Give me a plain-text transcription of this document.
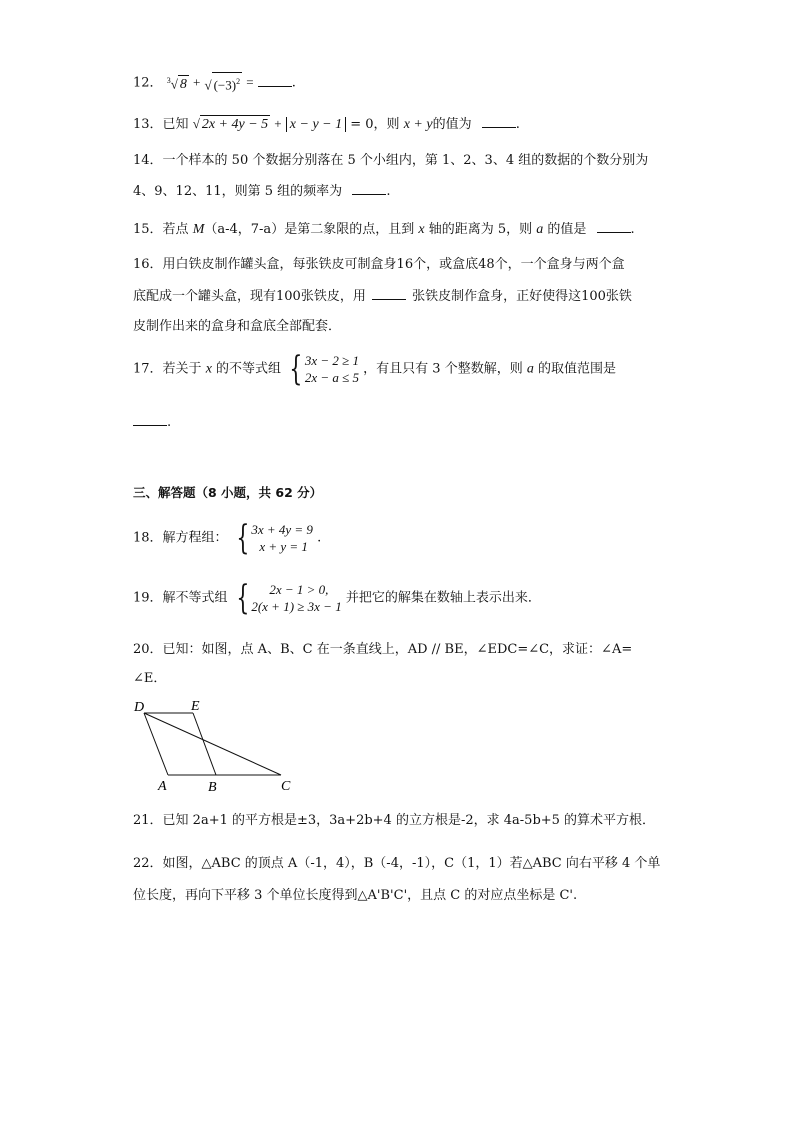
12． $^3$√ 8 + √ $(-3)^2$ =	.
13．已知 √ 2x + 4y − 5 + x − y − 1 = 0，则 x + y的值为	.
14．一个样本的 50 个数据分别落在 5 个小组内，第 1、2、3、4 组的数据的个数分别为
4、9、12、11，则第 5 组的频率为	.
15．若点 M（a-4，7-a）是第二象限的点，且到 x 轴的距离为 5，则 a 的值是	.
16．用白铁皮制作罐头盒，每张铁皮可制盒身16个，或盒底48个，一个盒身与两个盒
底配成一个罐头盒，现有100张铁皮，用	张铁皮制作盒身，正好使得这100张铁
皮制作出来的盒身和盒底全部配套．
17．若关于 x 的不等式组 { 3x − 2 ≥ 1
2x − a ≤ 5
，有且只有 3 个整数解，则 a 的取值范围是
.
三、解答题（8 小题，共 62 分）
18．解方程组： { 3x + 4y = 9
x + y = 1
.
19．解不等式组 {	2x − 1 > 0,
2(x + 1) ≥ 3x − 1
并把它的解集在数轴上表示出来．
20．已知：如图，点 A、B、C 在一条直线上，AD // BE，∠EDC=∠C，求证：∠A=
∠E．
D	E
A	B	C
21．已知 2a+1 的平方根是±3，3a+2b+4 的立方根是-2，求 4a-5b+5 的算术平方根．
22．如图，△ABC 的顶点 A（-1，4），B（-4，-1），C（1，1）若△ABC 向右平移 4 个单
位长度，再向下平移 3 个单位长度得到△A'B'C'，且点 C 的对应点坐标是 C'.
